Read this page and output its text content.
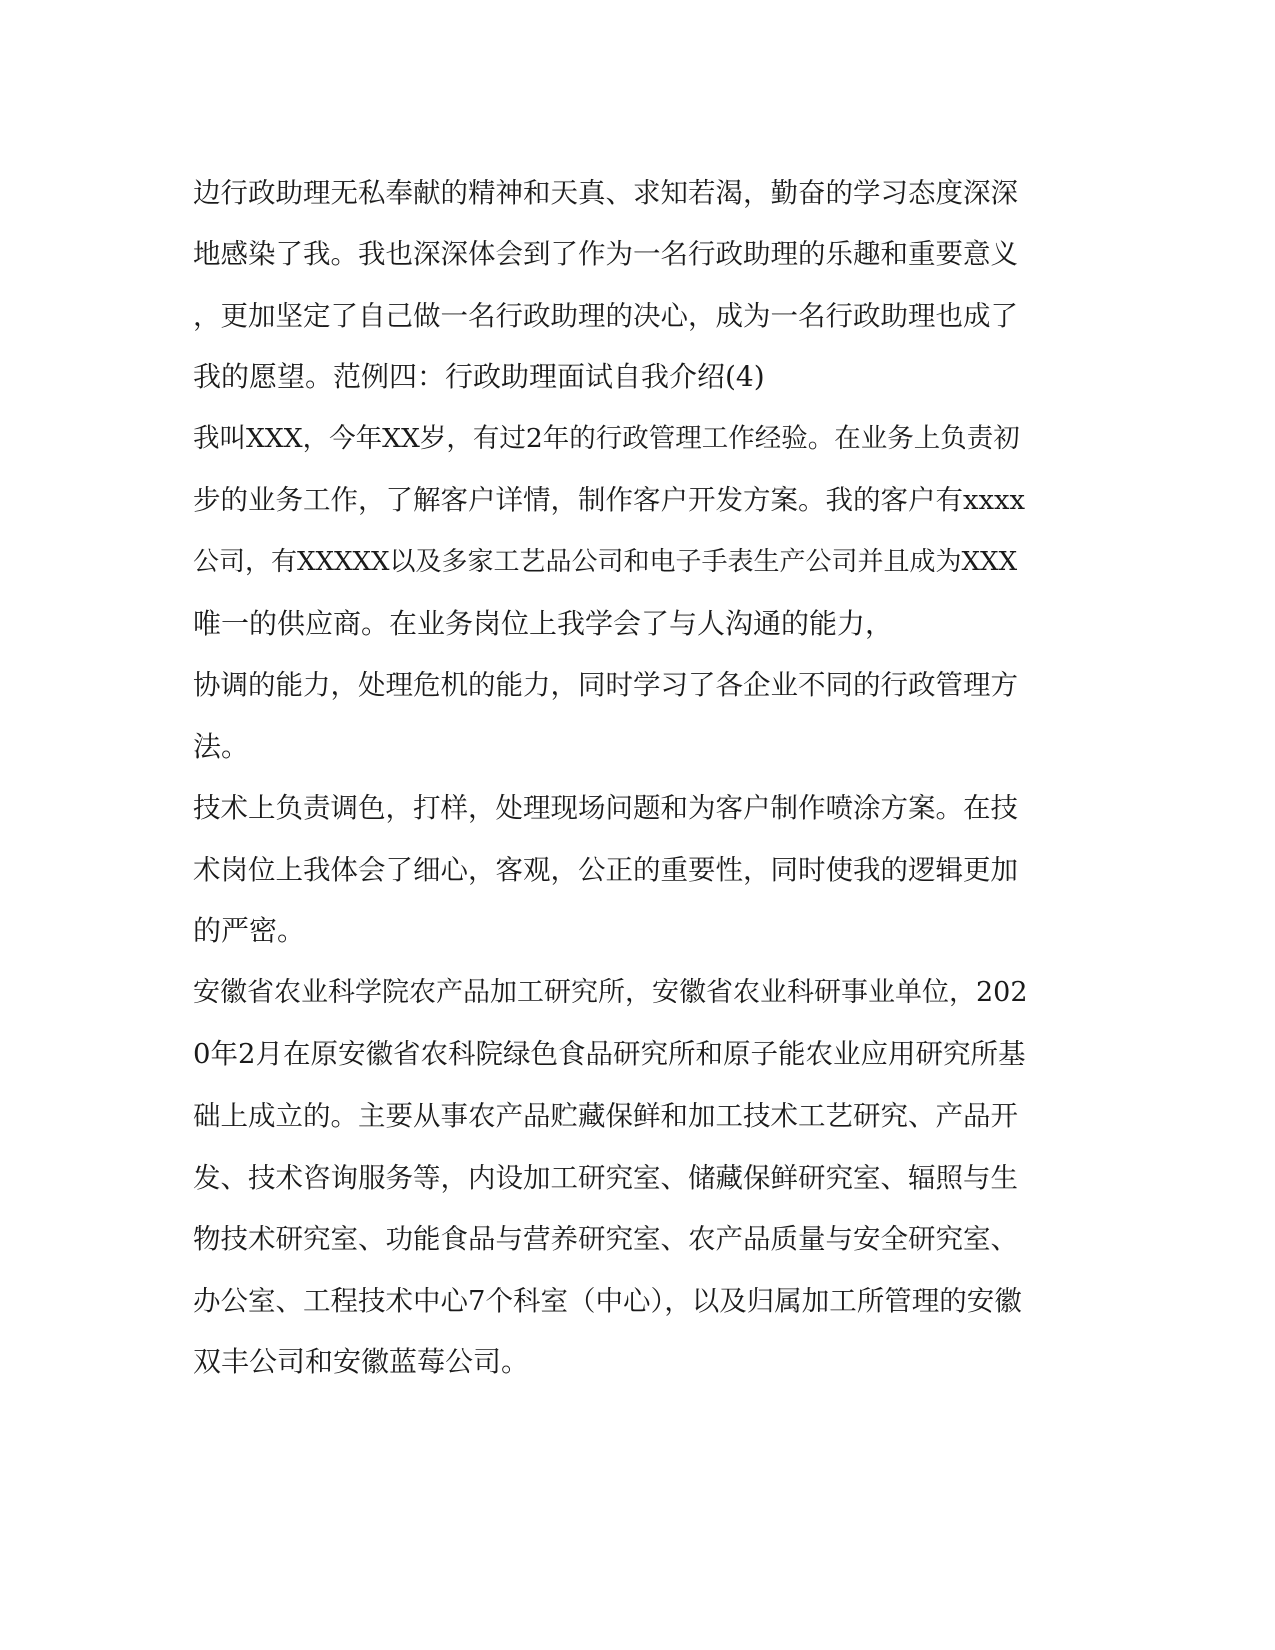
边行政助理无私奉献的精神和天真、求知若渴，勤奋的学习态度深深

地感染了我。我也深深体会到了作为一名行政助理的乐趣和重要意义

，更加坚定了自己做一名行政助理的决心，成为一名行政助理也成了

我的愿望。范例四：行政助理面试自我介绍(4)

我叫XXX，今年XX岁，有过2年的行政管理工作经验。在业务上负责初

步的业务工作，了解客户详情，制作客户开发方案。我的客户有xxxx

公司，有XXXXX以及多家工艺品公司和电子手表生产公司并且成为XXX

唯一的供应商。在业务岗位上我学会了与人沟通的能力，

协调的能力，处理危机的能力，同时学习了各企业不同的行政管理方

法。

技术上负责调色，打样，处理现场问题和为客户制作喷涂方案。在技

术岗位上我体会了细心，客观，公正的重要性，同时使我的逻辑更加

的严密。

安徽省农业科学院农产品加工研究所，安徽省农业科研事业单位，202

0年2月在原安徽省农科院绿色食品研究所和原子能农业应用研究所基

础上成立的。主要从事农产品贮藏保鲜和加工技术工艺研究、产品开

发、技术咨询服务等，内设加工研究室、储藏保鲜研究室、辐照与生

物技术研究室、功能食品与营养研究室、农产品质量与安全研究室、

办公室、工程技术中心7个科室（中心），以及归属加工所管理的安徽

双丰公司和安徽蓝莓公司。
